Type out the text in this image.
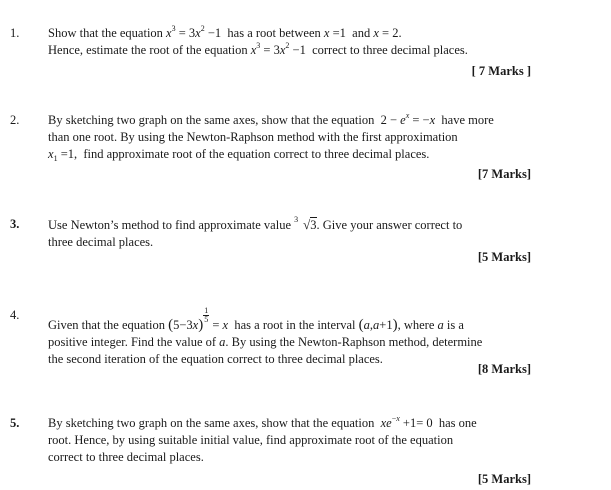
1. Show that the equation $x^3 = 3x^2 -1$  has a root between x =1  and x = 2.
Hence, estimate the root of the equation $x^3 = 3x^2 -1$  correct to three decimal places.
[ 7 Marks ]
2. By sketching two graph on the same axes, show that the equation  $2 - e^x = -x$  have more
than one root. By using the Newton-Raphson method with the first approximation
$x_1 =1$,  find approximate root of the equation correct to three decimal places.
[7 Marks]
3. Use Newton’s method to find approximate value 3 √3. Give your answer correct to
three decimal places.
[5 Marks]
4.
Given that the equation (5−3x)
$\frac{1}{5}$
= x  has a root in the interval (a,a+1), where a is a
positive integer. Find the value of a. By using the Newton-Raphson method, determine
the second iteration of the equation correct to three decimal places.
[8 Marks]
5. By sketching two graph on the same axes, show that the equation  $xe^{-x} +1= 0$  has one
root. Hence, by using suitable initial value, find approximate root of the equation
correct to three decimal places.
[5 Marks]
